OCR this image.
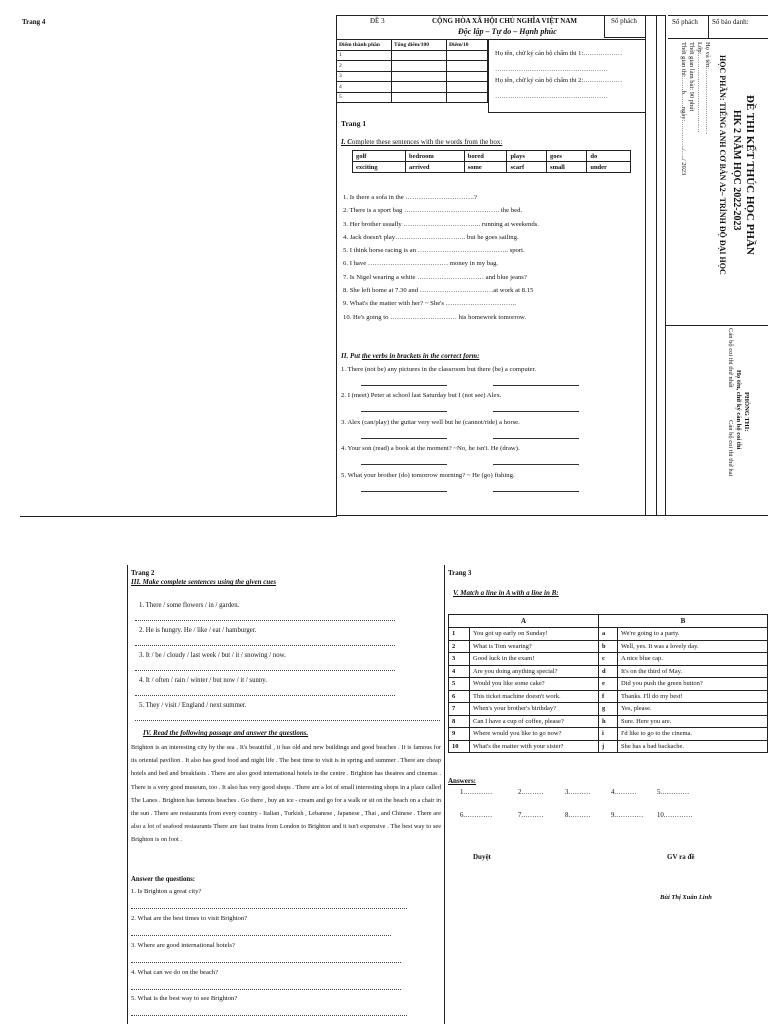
Trang 4	ĐỀ 3	CỘNG HÒA XÃ HỘI CHỦ NGHĨA VIỆT NAM
Độc lập – Tự do – Hạnh phúc
Số phách
Điểm thành phần	Tổng điểm/100	Điểm/10
1		
2		
3		
4		
5		
Họ tên, chữ ký cán bộ chấm thi 1:………………
…………………………………………….
Họ tên, chữ ký cán bộ chấm thi 2:………………
…………………………………………….
Trang 1
I. Complete these sentences with the words from the box:
golf	bedroom	bored	plays	goes	do
exciting	arrived	some	scarf	small	under
1. Is there a sofa in the ………………………….?
2. There is a sport bag ……………………………………. the bed.
3. Her brother usually …………………………….. running at weekends.
4. Jack doesn't play………………………….. but he goes sailing.
5. I think horse racing is an ………………………………….. sport.
6. I have ……………………………… money in my bag.
7. Is Nigel wearing a white ………………………… and blue jeans?
8. She left home at 7.30 and ……………………………at work at 8.15
9. What's the matter with her? ~ She's …………………………..
10. He's going to ………………………… his homework tomorrow.
II. Put the verbs in brackets in the correct form:
1. There (not be) any pictures in the classroom but there (be) a computer.
2. I (meet) Peter at school last Saturday but I (not see) Alex.
3. Alex (can/play) the guitar very well but he (cannot/ride) a horse.
4. Your son (read) a book at the moment? ~No, he isn't. He (draw).
5. What your brother (do) tomorrow morning? ~ He (go) fishing.
Số phách	Số báo danh:
ĐỀ THI KẾT THÚC HỌC PHẦN
HK 2 NĂM HỌC 2022-2023
HỌC PHẦN: TIẾNG ANH CƠ BẢN A2– TRÌNH ĐỘ ĐẠI HỌC
Họ và tên:…………………………
Lớp:………………………………
Thời gian làm bài: 90 phút
Thời gian thi:……h……ngày:…………./…./ 2023
PHÒNG THI:
Họ tên, chữ ký cán bộ coi thi
Cán bộ coi thi thứ nhất
Cán bộ coi thi thứ hai
Trang 2
III. Make complete sentences using the given cues
1. There / some flowers / in / garden.
2. He is hungry. He / like / eat / hamburger.
3. It / be / cloudy / last week / but / it / snowing / now.
4. It / often / rain / winter / but now / it / sunny.
5. They / visit / England / next summer.
IV. Read the following passage and answer the questions.
Brighton is an interesting city by the sea . It's beautiful , it has old and new buildings and good beaches . It is famous for its oriental pavilion . It also has good food and night life . The best time to visit is in spring and summer . There are cheap hotels and bed and breakfasts . There are also good international hotels in the centre . Brighton has theatres and cinemas . There is a very good museum, too . It also has very good shops . There are a lot of small interesting shops in a place called The Lanes . Brighton has famous beaches . Go there , buy an ice - cream and go for a walk or sit on the beach on a chair in the sun . There are restaurants from every country - Italian , Turkish , Lebanese , Japanese , Thai , and Chinese . There are also a lot of seafood restaurants There are fast trains from London to Brighton and it isn't expensive . The best way to see Brighton is on foot .
Answer the questions:
1. Is Brighton a great city?
2. What are the best times to visit Brighton?
3. Where are good international hotels?
4. What can we do on the beach?
5. What is the best way to see Brighton?
Trang 3
V. Match a line in A with a line in B:
A		B	
1	You got up early on Sunday!	a	We're going to a party.
2	What is Tom wearing?	b	Well, yes. It was a lovely day.
3	Good luck in the exam!	c	A nice blue cap.
4	Are you doing anything special?	d	It's on the third of May.
5	Would you like some cake?	e	Did you push the green button?
6	This ticket machine doesn't work.	f	Thanks. I'll do my best!
7	When's your brother's birthday?	g	Yes, please.
8	Can I have a cup of coffee, please?	h	Sure. Here you are.
9	Where would you like to go now?	i	I'd like to go to the cinema.
10	What's the matter with your sister?	j	She has a bad backache.
Answers:
1.…………	2.………	3.………	4.………	5.…………
6.…………	7.………	8.………	9.………… 10.…………
Duyệt	GV ra đề
Bùi Thị Xuân Linh
